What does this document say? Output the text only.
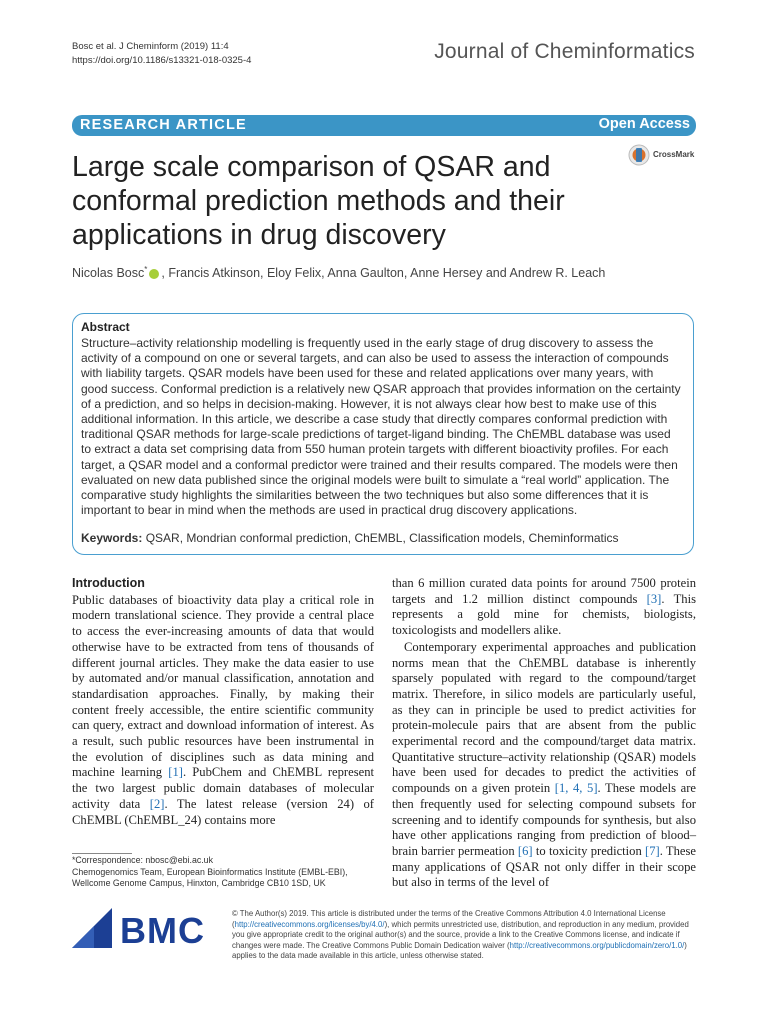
Bosc et al. J Cheminform (2019) 11:4
https://doi.org/10.1186/s13321-018-0325-4	Journal of Cheminformatics
RESEARCH ARTICLE	Open Access
CrossMark
Large scale comparison of QSAR and conformal prediction methods and their applications in drug discovery
Nicolas Bosc* , Francis Atkinson, Eloy Felix, Anna Gaulton, Anne Hersey and Andrew R. Leach
Abstract
Structure–activity relationship modelling is frequently used in the early stage of drug discovery to assess the activity of a compound on one or several targets, and can also be used to assess the interaction of compounds with liability targets. QSAR models have been used for these and related applications over many years, with good success. Conformal prediction is a relatively new QSAR approach that provides information on the certainty of a prediction, and so helps in decision-making. However, it is not always clear how best to make use of this additional information. In this article, we describe a case study that directly compares conformal prediction with traditional QSAR methods for large-scale predictions of target-ligand binding. The ChEMBL database was used to extract a data set comprising data from 550 human protein targets with different bioactivity profiles. For each target, a QSAR model and a conformal predictor were trained and their results compared. The models were then evaluated on new data published since the original models were built to simulate a “real world” application. The comparative study highlights the similarities between the two techniques but also some differences that it is important to bear in mind when the methods are used in practical drug discovery applications.
Keywords: QSAR, Mondrian conformal prediction, ChEMBL, Classification models, Cheminformatics
Introduction
Public databases of bioactivity data play a critical role in modern translational science. They provide a central place to access the ever-increasing amounts of data that would otherwise have to be extracted from tens of thousands of different journal articles. They make the data easier to use by automated and/or manual classification, annotation and standardisation approaches. Finally, by making their content freely accessible, the entire scientific community can query, extract and download information of interest. As a result, such public resources have been instrumental in the evolution of disciplines such as data mining and machine learning [1]. PubChem and ChEMBL represent the two largest public domain databases of molecular activity data [2]. The latest release (version 24) of ChEMBL (ChEMBL_24) contains more
than 6 million curated data points for around 7500 protein targets and 1.2 million distinct compounds [3]. This represents a gold mine for chemists, biologists, toxicologists and modellers alike.
Contemporary experimental approaches and publication norms mean that the ChEMBL database is inherently sparsely populated with regard to the compound/target matrix. Therefore, in silico models are particularly useful, as they can in principle be used to predict activities for protein-molecule pairs that are absent from the public experimental record and the compound/target data matrix. Quantitative structure–activity relationship (QSAR) models have been used for decades to predict the activities of compounds on a given protein [1, 4, 5]. These models are then frequently used for selecting compound subsets for screening and to identify compounds for synthesis, but also have other applications ranging from prediction of blood–brain barrier permeation [6] to toxicity prediction [7]. These many applications of QSAR not only differ in their scope but also in terms of the level of
*Correspondence: nbosc@ebi.ac.uk
Chemogenomics Team, European Bioinformatics Institute (EMBL-EBI), Wellcome Genome Campus, Hinxton, Cambridge CB10 1SD, UK
BMC	© The Author(s) 2019. This article is distributed under the terms of the Creative Commons Attribution 4.0 International License (http://creativecommons.org/licenses/by/4.0/), which permits unrestricted use, distribution, and reproduction in any medium, provided you give appropriate credit to the original author(s) and the source, provide a link to the Creative Commons license, and indicate if changes were made. The Creative Commons Public Domain Dedication waiver (http://creativecommons.org/publicdomain/zero/1.0/) applies to the data made available in this article, unless otherwise stated.
